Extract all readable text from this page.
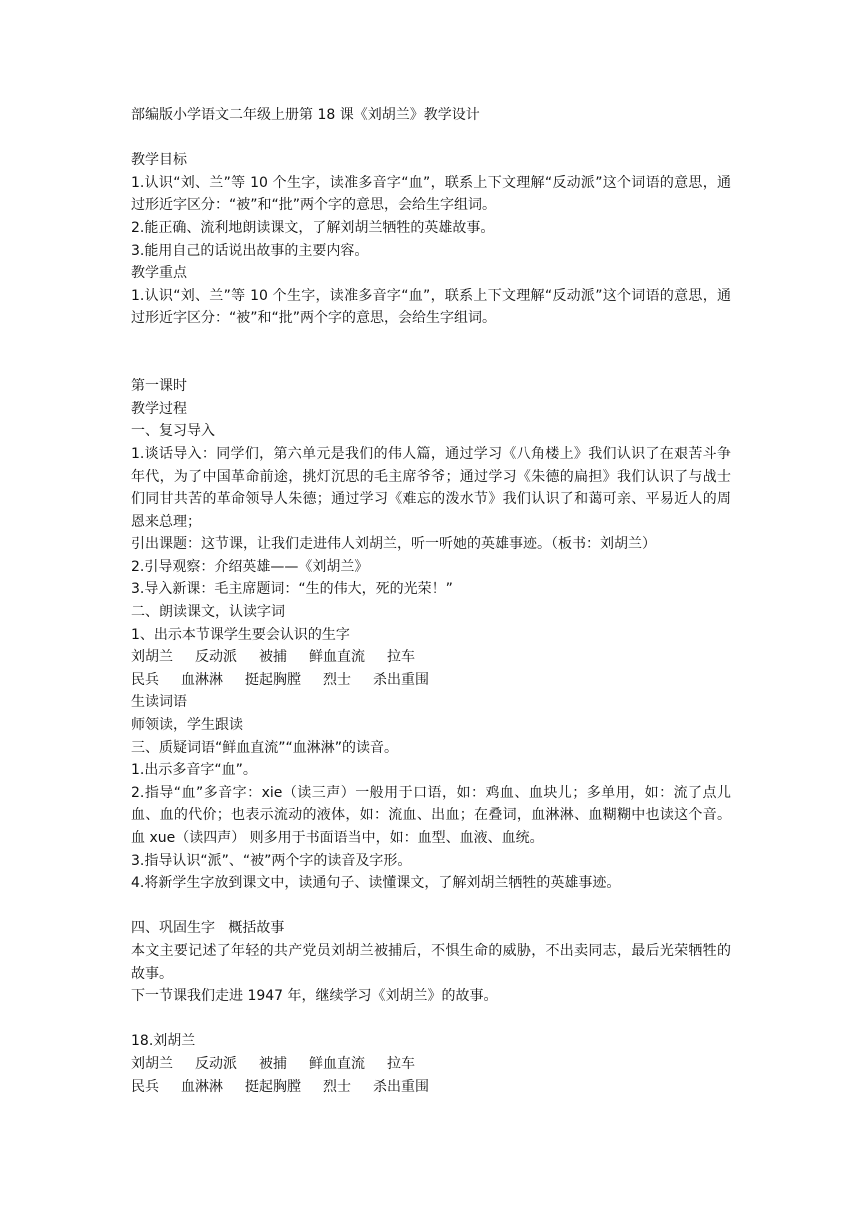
部编版小学语文二年级上册第 18 课《刘胡兰》教学设计
教学目标
1.认识“刘、兰”等 10 个生字，读准多音字“血”，联系上下文理解“反动派”这个词语的意思，通过形近字区分：“被”和“批”两个字的意思，会给生字组词。
2.能正确、流利地朗读课文，了解刘胡兰牺牲的英雄故事。
3.能用自己的话说出故事的主要内容。
教学重点
1.认识“刘、兰”等 10 个生字，读准多音字“血”，联系上下文理解“反动派”这个词语的意思，通过形近字区分：“被”和“批”两个字的意思，会给生字组词。
第一课时
教学过程
一、复习导入
1.谈话导入：同学们，第六单元是我们的伟人篇，通过学习《八角楼上》我们认识了在艰苦斗争年代，为了中国革命前途，挑灯沉思的毛主席爷爷；通过学习《朱德的扁担》我们认识了与战士们同甘共苦的革命领导人朱德；通过学习《难忘的泼水节》我们认识了和蔼可亲、平易近人的周恩来总理；
引出课题：这节课，让我们走进伟人刘胡兰，听一听她的英雄事迹。（板书：刘胡兰）
2.引导观察：介绍英雄——《刘胡兰》
3.导入新课：毛主席题词：“生的伟大，死的光荣！”
二、朗读课文，认读字词
1、出示本节课学生要会认识的生字
刘胡兰 反动派 被捕 鲜血直流 拉车
民兵 血淋淋 挺起胸膛 烈士 杀出重围
生读词语
师领读，学生跟读
三、质疑词语“鲜血直流”“血淋淋”的读音。
1.出示多音字“血”。
2.指导“血”多音字：xie（读三声）一般用于口语，如：鸡血、血块儿；多单用，如：流了点儿血、血的代价；也表示流动的液体，如：流血、出血；在叠词，血淋淋、血糊糊中也读这个音。血 xue（读四声） 则多用于书面语当中，如：血型、血液、血统。
3.指导认识“派”、“被”两个字的读音及字形。
4.将新学生字放到课文中，读通句子、读懂课文，了解刘胡兰牺牲的英雄事迹。
四、巩固生字   概括故事
本文主要记述了年轻的共产党员刘胡兰被捕后，不惧生命的威胁，不出卖同志，最后光荣牺牲的故事。
下一节课我们走进 1947 年，继续学习《刘胡兰》的故事。
18.刘胡兰
刘胡兰 反动派 被捕 鲜血直流 拉车
民兵 血淋淋 挺起胸膛 烈士 杀出重围
